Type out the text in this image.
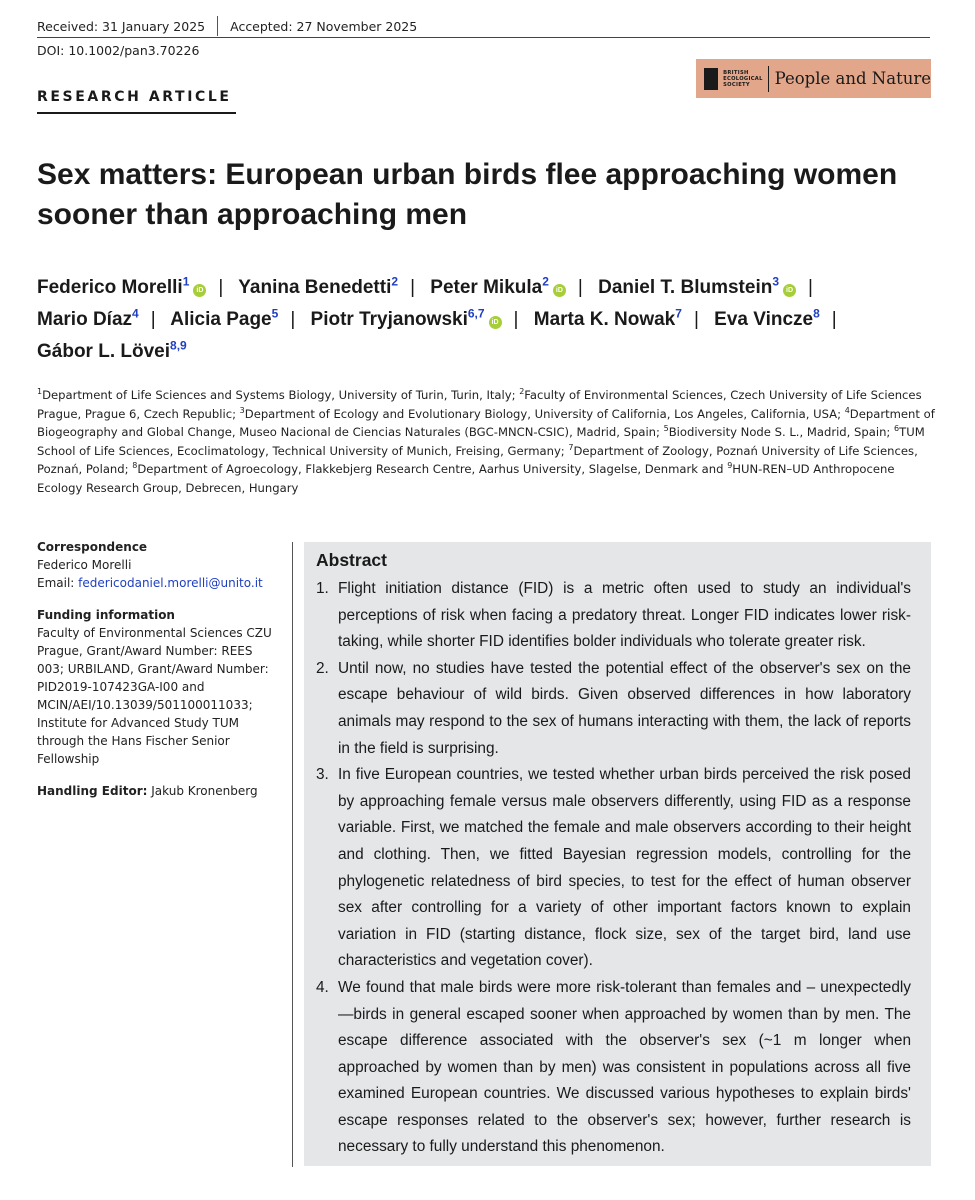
Received: 31 January 2025 Accepted: 27 November 2025
DOI: 10.1002/pan3.70226
BRITISH ECOLOGICAL SOCIETY	People and Nature
RESEARCH ARTICLE
Sex matters: European urban birds flee approaching women sooner than approaching men
Federico Morelli$^1$iD | Yanina Benedetti$^2$ | Peter Mikula$^2$iD | Daniel T. Blumstein$^3$iD | Mario Díaz$^4$ | Alicia Page$^5$ | Piotr Tryjanowski$^{6,7}$iD | Marta K. Nowak$^7$ | Eva Vincze$^8$ | Gábor L. Lövei$^{8,9}$
$^1$Department of Life Sciences and Systems Biology, University of Turin, Turin, Italy; $^2$Faculty of Environmental Sciences, Czech University of Life Sciences Prague, Prague 6, Czech Republic; $^3$Department of Ecology and Evolutionary Biology, University of California, Los Angeles, California, USA; $^4$Department of Biogeography and Global Change, Museo Nacional de Ciencias Naturales (BGC-MNCN-CSIC), Madrid, Spain; $^5$Biodiversity Node S. L., Madrid, Spain; $^6$TUM School of Life Sciences, Ecoclimatology, Technical University of Munich, Freising, Germany; $^7$Department of Zoology, Poznań University of Life Sciences, Poznań, Poland; $^8$Department of Agroecology, Flakkebjerg Research Centre, Aarhus University, Slagelse, Denmark and $^9$HUN-REN–UD Anthropocene Ecology Research Group, Debrecen, Hungary
Correspondence
Federico Morelli
Email: federicodaniel.morelli@unito.it
Funding information
Faculty of Environmental Sciences CZU Prague, Grant/Award Number: REES 003; URBILAND, Grant/Award Number: PID2019-107423GA-I00 and MCIN/AEI/10.13039/501100011033; Institute for Advanced Study TUM through the Hans Fischer Senior Fellowship
Handling Editor: Jakub Kronenberg
Abstract
1. Flight initiation distance (FID) is a metric often used to study an individual's perceptions of risk when facing a predatory threat. Longer FID indicates lower risk-taking, while shorter FID identifies bolder individuals who tolerate greater risk.
2. Until now, no studies have tested the potential effect of the observer's sex on the escape behaviour of wild birds. Given observed differences in how laboratory animals may respond to the sex of humans interacting with them, the lack of reports in the field is surprising.
3. In five European countries, we tested whether urban birds perceived the risk posed by approaching female versus male observers differently, using FID as a response variable. First, we matched the female and male observers according to their height and clothing. Then, we fitted Bayesian regression models, controlling for the phylogenetic relatedness of bird species, to test for the effect of human observer sex after controlling for a variety of other important factors known to explain variation in FID (starting distance, flock size, sex of the target bird, land use characteristics and vegetation cover).
4. We found that male birds were more risk-tolerant than females and – unexpectedly—birds in general escaped sooner when approached by women than by men. The escape difference associated with the observer's sex (~1 m longer when approached by women than by men) was consistent in populations across all five examined European countries. We discussed various hypotheses to explain birds' escape responses related to the observer's sex; however, further research is necessary to fully understand this phenomenon.
